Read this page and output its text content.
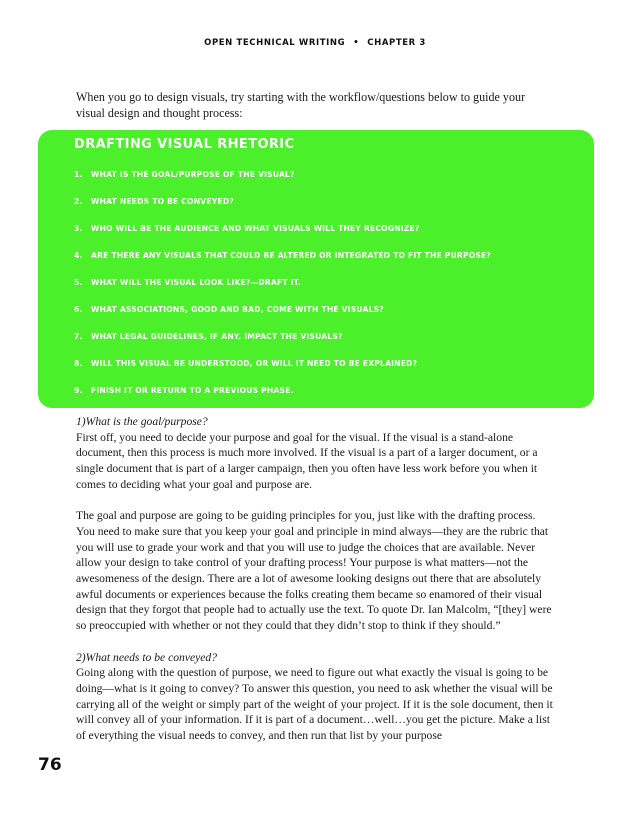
OPEN TECHNICAL WRITING • CHAPTER 3
When you go to design visuals, try starting with the workflow/questions below to guide your visual design and thought process:
DRAFTING VISUAL RHETORIC
1. WHAT IS THE GOAL/PURPOSE OF THE VISUAL?
2. WHAT NEEDS TO BE CONVEYED?
3. WHO WILL BE THE AUDIENCE AND WHAT VISUALS WILL THEY RECOGNIZE?
4. ARE THERE ANY VISUALS THAT COULD BE ALTERED OR INTEGRATED TO FIT THE PURPOSE?
5. WHAT WILL THE VISUAL LOOK LIKE?—DRAFT IT.
6. WHAT ASSOCIATIONS, GOOD AND BAD, COME WITH THE VISUALS?
7. WHAT LEGAL GUIDELINES, IF ANY, IMPACT THE VISUALS?
8. WILL THIS VISUAL BE UNDERSTOOD, OR WILL IT NEED TO BE EXPLAINED?
9. FINISH IT OR RETURN TO A PREVIOUS PHASE.

1)What is the goal/purpose?

First off, you need to decide your purpose and goal for the visual. If the visual is a stand-alone document, then this process is much more involved. If the visual is a part of a larger document, or a single document that is part of a larger campaign, then you often have less work before you when it comes to deciding what your goal and purpose are.

The goal and purpose are going to be guiding principles for you, just like with the drafting process. You need to make sure that you keep your goal and principle in mind always—they are the rubric that you will use to grade your work and that you will use to judge the choices that are available. Never allow your design to take control of your drafting process! Your purpose is what matters—not the awesomeness of the design. There are a lot of awesome looking designs out there that are absolutely awful documents or experiences because the folks creating them became so enamored of their visual design that they forgot that people had to actually use the text. To quote Dr. Ian Malcolm, “[they] were so preoccupied with whether or not they could that they didn’t stop to think if they should.”

2)What needs to be conveyed?

Going along with the question of purpose, we need to figure out what exactly the visual is going to be doing—what is it going to convey? To answer this question, you need to ask whether the visual will be carrying all of the weight or simply part of the weight of your project. If it is the sole document, then it will convey all of your information. If it is part of a document…well…you get the picture. Make a list of everything the visual needs to convey, and then run that list by your purpose

76
